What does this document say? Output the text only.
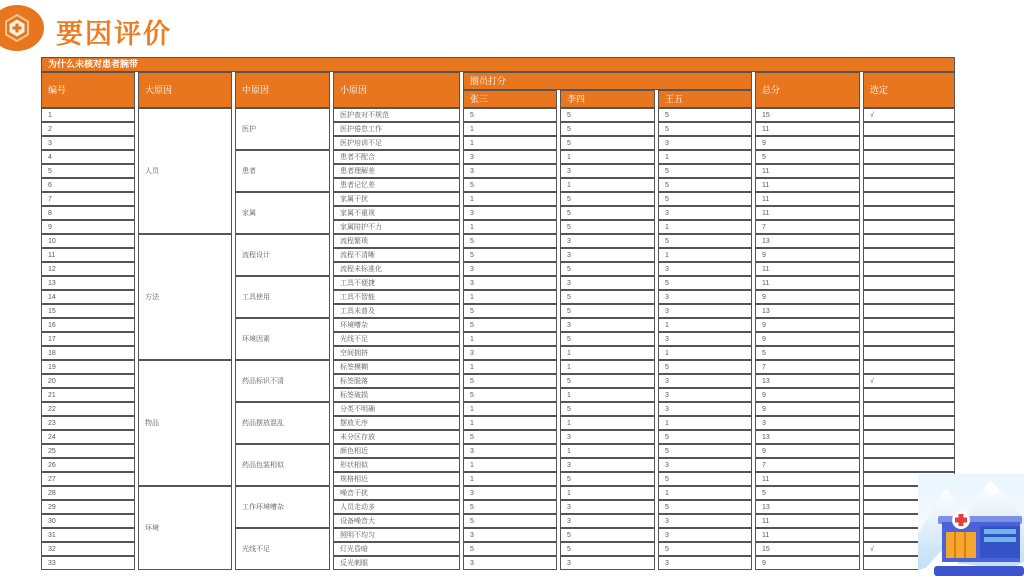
要因评价
为什么未核对患者腕带								
编号	大原因	中原因	小原因	圈员打分			总分	选定
				张三	李四	王五		
1	人员	医护	医护查对不规范	5	5	5	15	√
2			医护倦怠工作	1	5	5	11	
3			医护培训不足	1	5	3	9	
4		患者	患者不配合	3	1	1	5	
5			患者理解差	3	3	5	11	
6			患者记忆差	5	1	5	11	
7		家属	家属干扰	1	5	5	11	
8			家属不重视	3	5	3	11	
9			家属陪护不力	1	5	1	7	
10	方法	流程设计	流程繁琐	5	3	5	13	
11			流程不清晰	5	3	1	9	
12			流程未标准化	3	5	3	11	
13		工具使用	工具不便捷	3	3	5	11	
14			工具不智能	1	5	3	9	
15			工具未普及	5	5	3	13	
16		环境因素	环境嘈杂	5	3	1	9	
17			光线不足	1	5	3	9	
18			空间拥挤	3	1	1	5	
19	物品	药品标识不清	标签模糊	1	1	5	7	
20			标签脱落	5	5	3	13	√
21			标签破损	5	1	3	9	
22		药品摆放混乱	分类不明确	1	5	3	9	
23			摆放无序	1	1	1	3	
24			未分区存放	5	3	5	13	
25		药品包装相似	颜色相近	3	1	5	9	
26			形状相似	1	3	3	7	
27			规格相近	1	5	5	11	
28	环境	工作环境嘈杂	噪音干扰	3	1	1	5	
29			人员走动多	5	3	5	13	
30			设备噪音大	5	3	3	11	
31		光线不足	照明不均匀	3	5	3	11	
32			灯光昏暗	5	5	5	15	√
33			反光刺眼	3	3	3	9	
